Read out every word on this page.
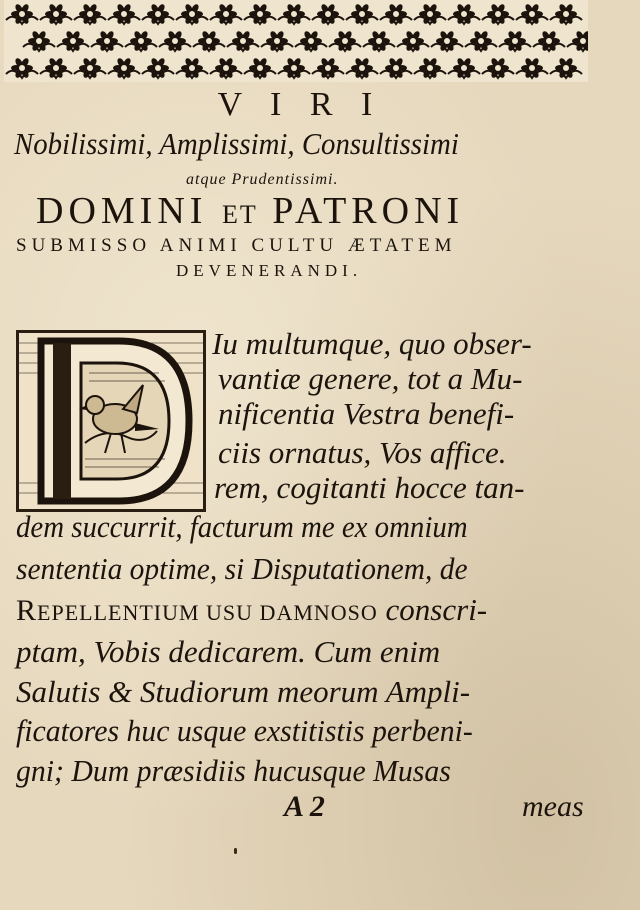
V I R I
Nobilissimi, Amplissimi, Consultissimi
atque Prudentissimi.
DOMINI ET PATRONI
SUBMISSO ANIMI CULTU ÆTATEM
DEVENERANDI.
Iu multumque, quo obser-
vantiæ genere, tot a Mu-
nificentia Vestra benefi-
ciis ornatus, Vos affice.
rem, cogitanti hocce tan-
dem succurrit, facturum me ex omnium
sententia optime, si Disputationem, de
REPELLENTIUM USU DAMNOSO conscri-
ptam, Vobis dedicarem. Cum enim
Salutis & Studiorum meorum Ampli-
ficatores huc usque exstitistis perbeni-
gni; Dum præsidiis hucusque Musas
A 2	meas
